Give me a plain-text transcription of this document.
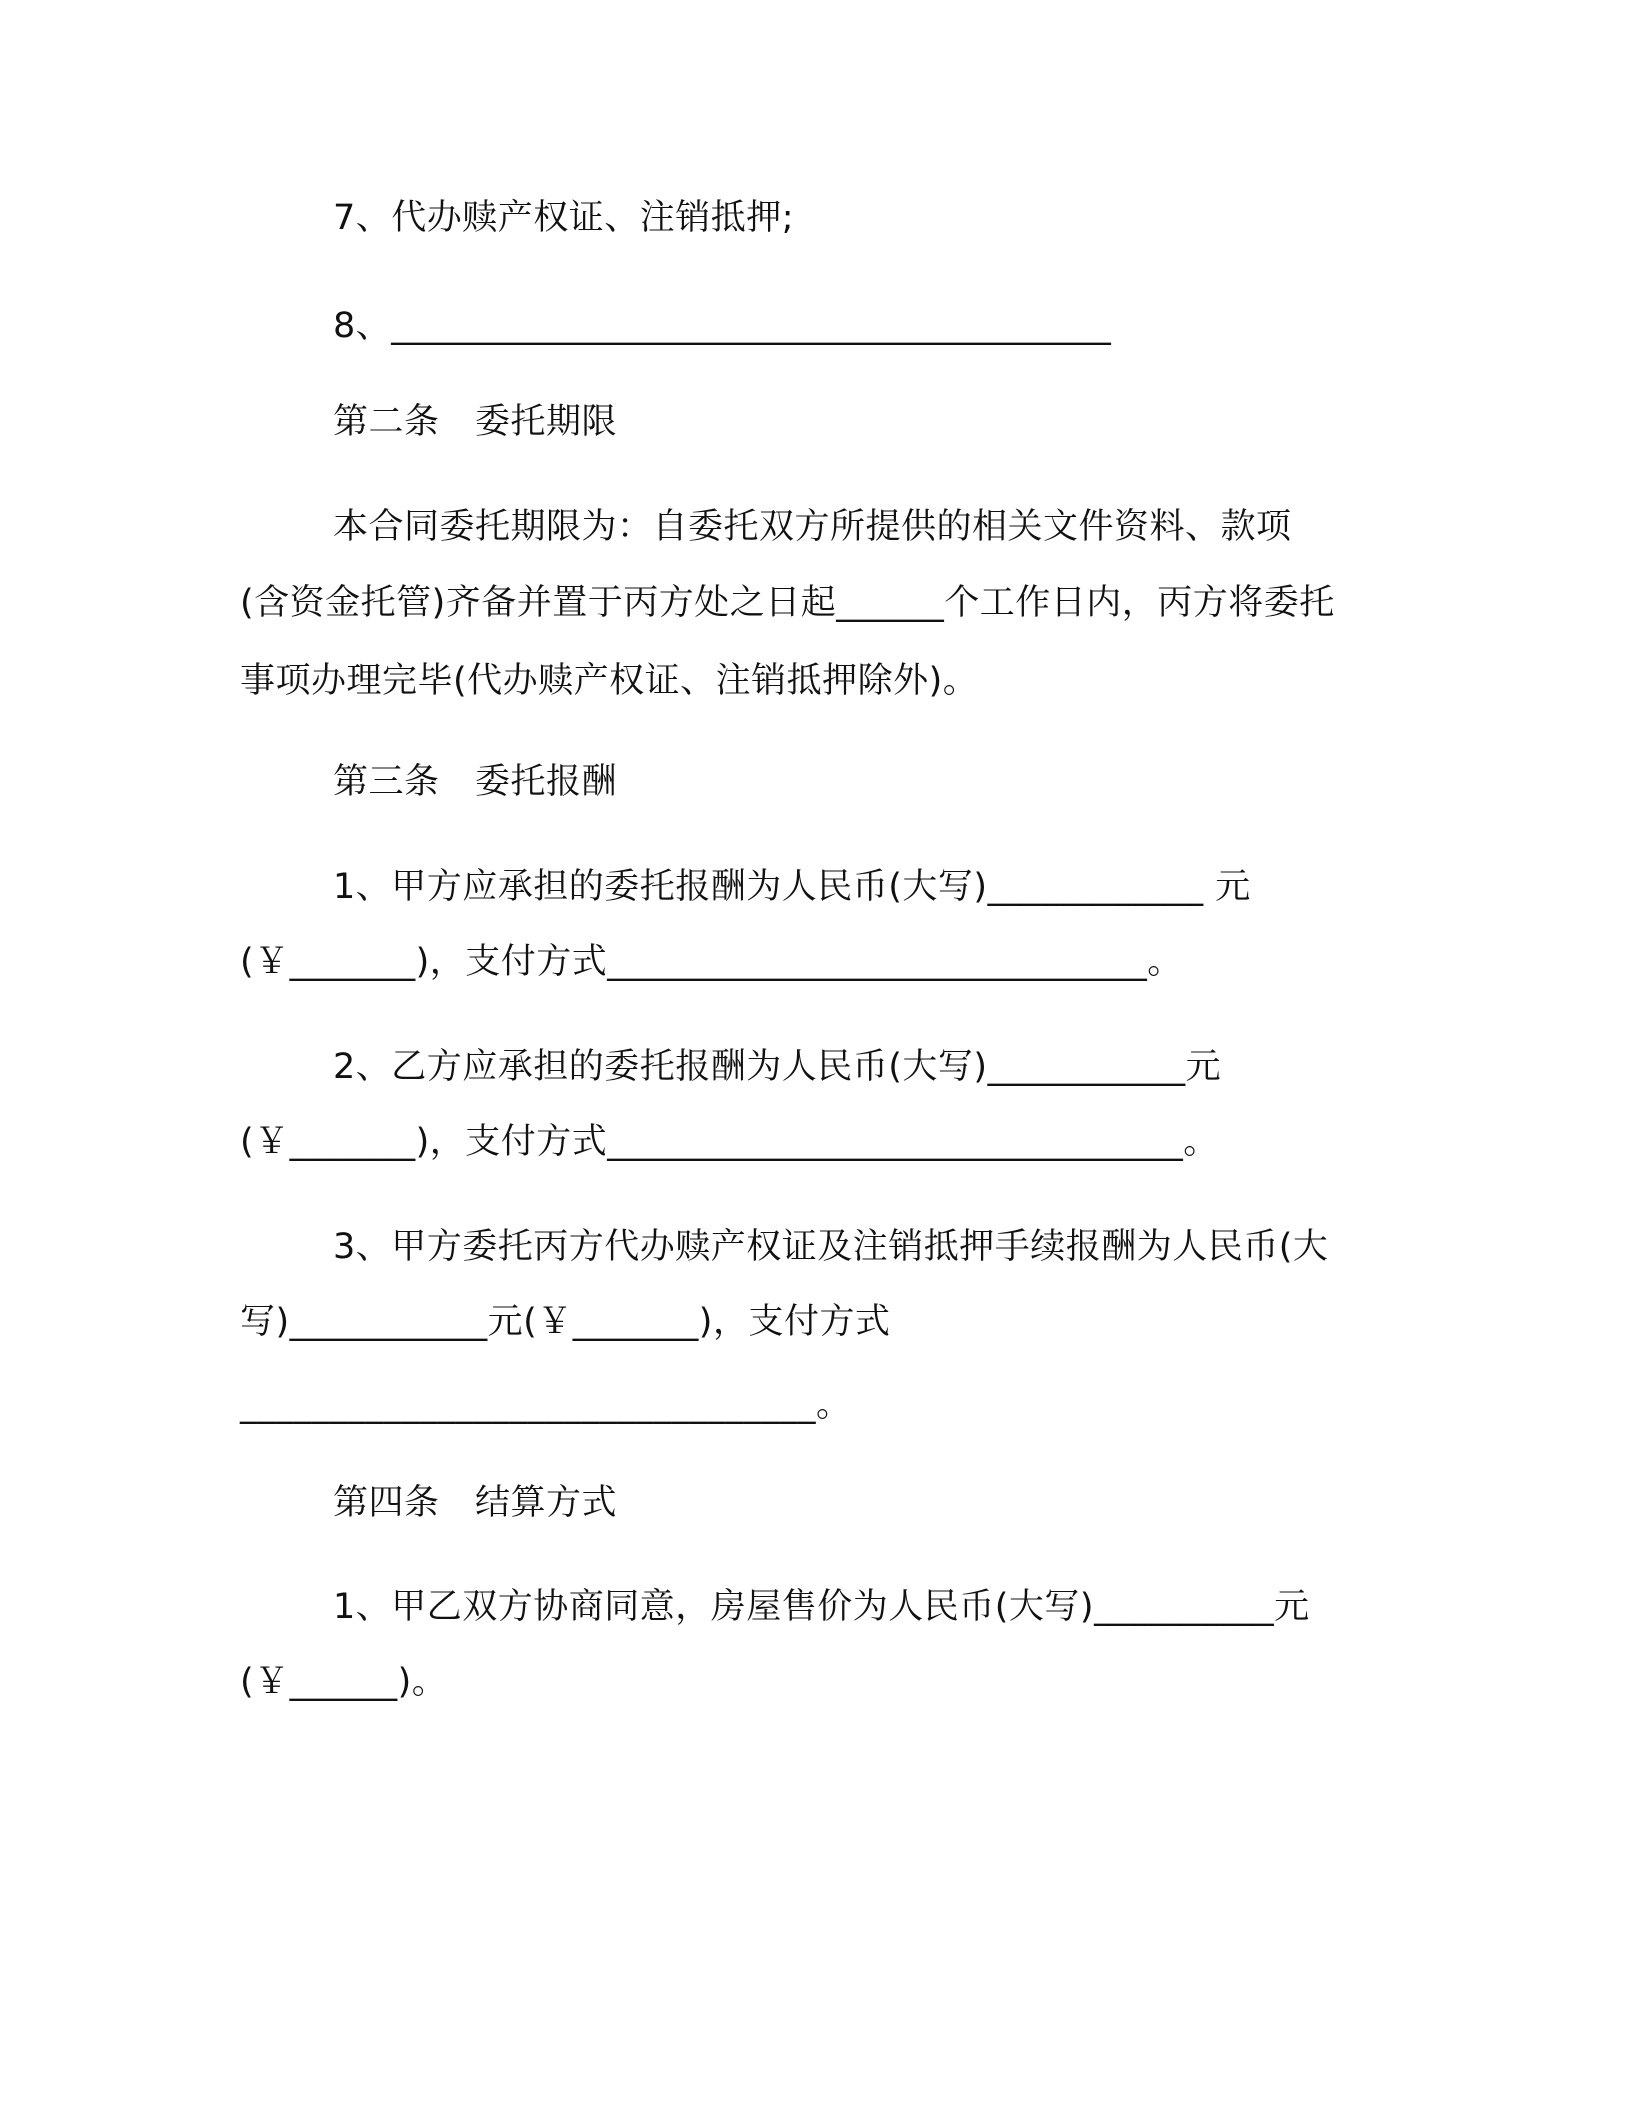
7、代办赎产权证、注销抵押;
8、________________________________________
第二条　委托期限
本合同委托期限为：自委托双方所提供的相关文件资料、款项
(含资金托管)齐备并置于丙方处之日起______个工作日内，丙方将委托
事项办理完毕(代办赎产权证、注销抵押除外)。
第三条　委托报酬
1、甲方应承担的委托报酬为人民币(大写)____________ 元
(￥_______)，支付方式______________________________。
2、乙方应承担的委托报酬为人民币(大写)___________元
(￥_______)，支付方式________________________________。
3、甲方委托丙方代办赎产权证及注销抵押手续报酬为人民币(大
写)___________元(￥_______)，支付方式
________________________________。
第四条　结算方式
1、甲乙双方协商同意，房屋售价为人民币(大写)__________元
(￥______)。
